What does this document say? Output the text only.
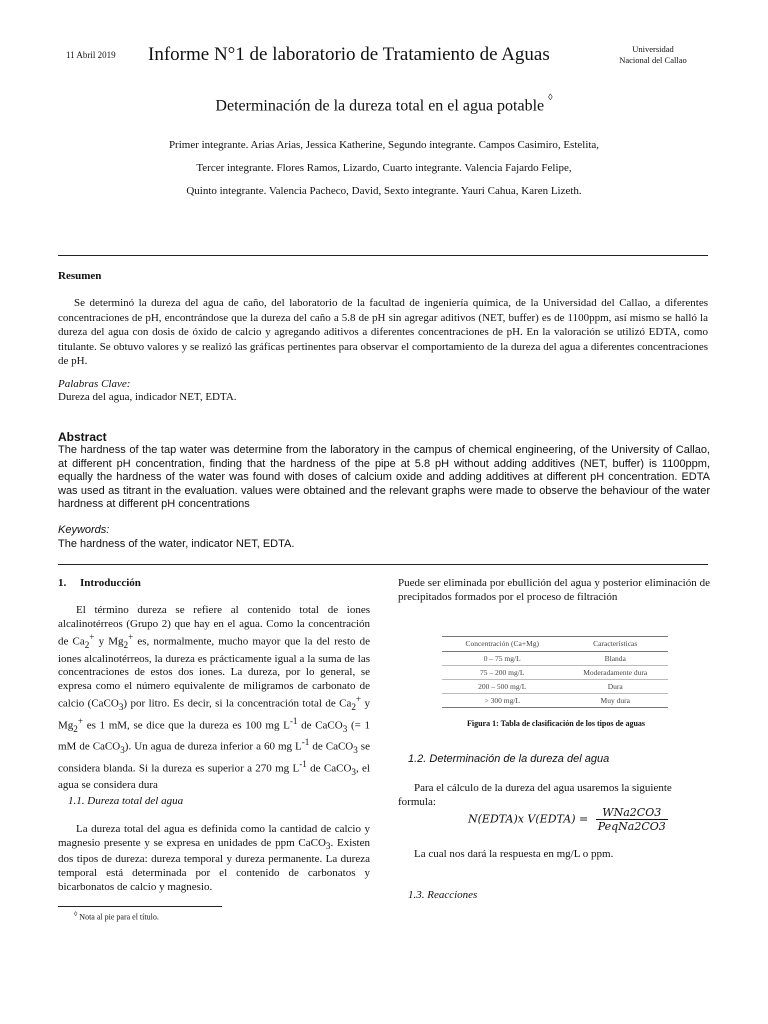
11 Abril 2019 Informe N°1 de laboratorio de Tratamiento de Aguas	Universidad
Nacional del Callao
Determinación de la dureza total en el agua potable◊
Primer integrante. Arias Arias, Jessica Katherine, Segundo integrante. Campos Casimiro, Estelita,
Tercer integrante. Flores Ramos, Lizardo, Cuarto integrante. Valencia Fajardo Felipe,
Quinto integrante. Valencia Pacheco, David, Sexto integrante. Yauri Cahua, Karen Lizeth.
Resumen
Se determinó la dureza del agua de caño, del laboratorio de la facultad de ingeniería química, de la Universidad del Callao, a diferentes concentraciones de pH, encontrándose que la dureza del caño a 5.8 de pH sin agregar aditivos (NET, buffer) es de 1100ppm, así mismo se halló la dureza del agua con dosis de óxido de calcio y agregando aditivos a diferentes concentraciones de pH. En la valoración se utilizó EDTA, como titulante. Se obtuvo valores y se realizó las gráficas pertinentes para observar el comportamiento de la dureza del agua a diferentes concentraciones de pH.
Palabras Clave:
Dureza del agua, indicador NET, EDTA.
Abstract
The hardness of the tap water was determine from the laboratory in the campus of chemical engineering, of the University of Callao, at different pH concentration, finding that the hardness of the pipe at 5.8 pH without adding additives (NET, buffer) is 1100ppm, equally the hardness of the water was found with doses of calcium oxide and adding additives at different pH concentration. EDTA was used as titrant in the evaluation. values were obtained and the relevant graphs were made to observe the behaviour of the water hardness at different pH concentrations
Keywords:
The hardness of the water, indicator NET, EDTA.
1.     Introducción
El término dureza se refiere al contenido total de iones alcalinotérreos (Grupo 2) que hay en el agua. Como la concentración de $Ca_2^+$ y $Mg_2^+$ es, normalmente, mucho mayor que la del resto de iones alcalinotérreos, la dureza es prácticamente igual a la suma de las concentraciones de estos dos iones. La dureza, por lo general, se expresa como el número equivalente de miligramos de carbonato de calcio (CaCO$_3$) por litro. Es decir, si la concentración total de $Ca_2^+$ y $Mg_2^+$ es 1 mM, se dice que la dureza es 100 mg $L^{-1}$ de CaCO$_3$ (= 1 mM de CaCO$_3$). Un agua de dureza inferior a 60 mg $L^{-1}$ de CaCO$_3$ se considera blanda. Si la dureza es superior a 270 mg $L^{-1}$ de CaCO$_3$, el agua se considera dura
1.1. Dureza total del agua
La dureza total del agua es definida como la cantidad de calcio y magnesio presente y se expresa en unidades de ppm CaCO$_3$. Existen dos tipos de dureza: dureza temporal y dureza permanente. La dureza temporal está determinada por el contenido de carbonatos y bicarbonatos de calcio y magnesio.
◊ Nota al pie para el título.
Puede ser eliminada por ebullición del agua y posterior eliminación de precipitados formados por el proceso de filtración
Concentración (Ca+Mg)	Características
0 – 75 mg/L	Blanda
75 – 200 mg/L	Moderadamente dura
200 – 500 mg/L	Dura
> 300 mg/L	Muy dura
Figura 1: Tabla de clasificación de los tipos de aguas
1.2. Determinación de la dureza del agua
Para el cálculo de la dureza del agua usaremos la siguiente formula:
N(EDTA)x V(EDTA) = $\frac{\text{WNa2CO3}}{\text{PeqNa2CO3}}$
La cual nos dará la respuesta en mg/L o ppm.
1.3. Reacciones
